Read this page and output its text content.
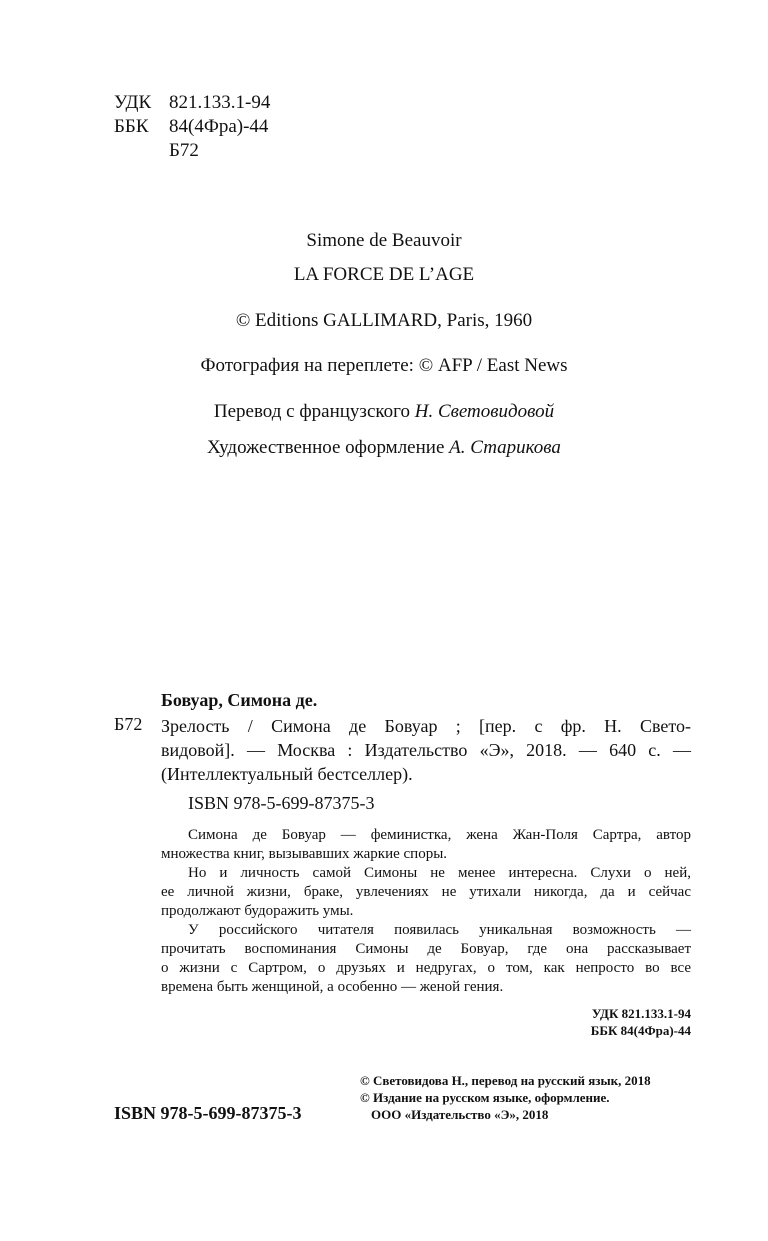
УДК 821.133.1-94
ББК 84(4Фра)-44
Б72
Simone de Beauvoir
LA FORCE DE L’AGE
© Editions GALLIMARD, Paris, 1960
Фотография на переплете: © AFP / East News
Перевод с французского Н. Световидовой
Художественное оформление А. Старикова
Бовуар, Симона де.
Б72 Зрелость / Симона де Бовуар ; [пер. с фр. Н. Свето-
видовой]. — Москва : Издательство «Э», 2018. — 640 с. —
(Интеллектуальный бестселлер).
ISBN 978-5-699-87375-3
Симона де Бовуар — феминистка, жена Жан-Поля Сартра, автор
множества книг, вызывавших жаркие споры.
Но и личность самой Симоны не менее интересна. Слухи о ней,
ее личной жизни, браке, увлечениях не утихали никогда, да и сейчас
продолжают будоражить умы.
У российского читателя появилась уникальная возможность —
прочитать воспоминания Симоны де Бовуар, где она рассказывает
о жизни с Сартром, о друзьях и недругах, о том, как непросто во все
времена быть женщиной, а особенно — женой гения.
УДК 821.133.1-94
ББК 84(4Фра)-44
ISBN 978-5-699-87375-3
© Световидова Н., перевод на русский язык, 2018
© Издание на русском языке, оформление.
ООО «Издательство «Э», 2018
